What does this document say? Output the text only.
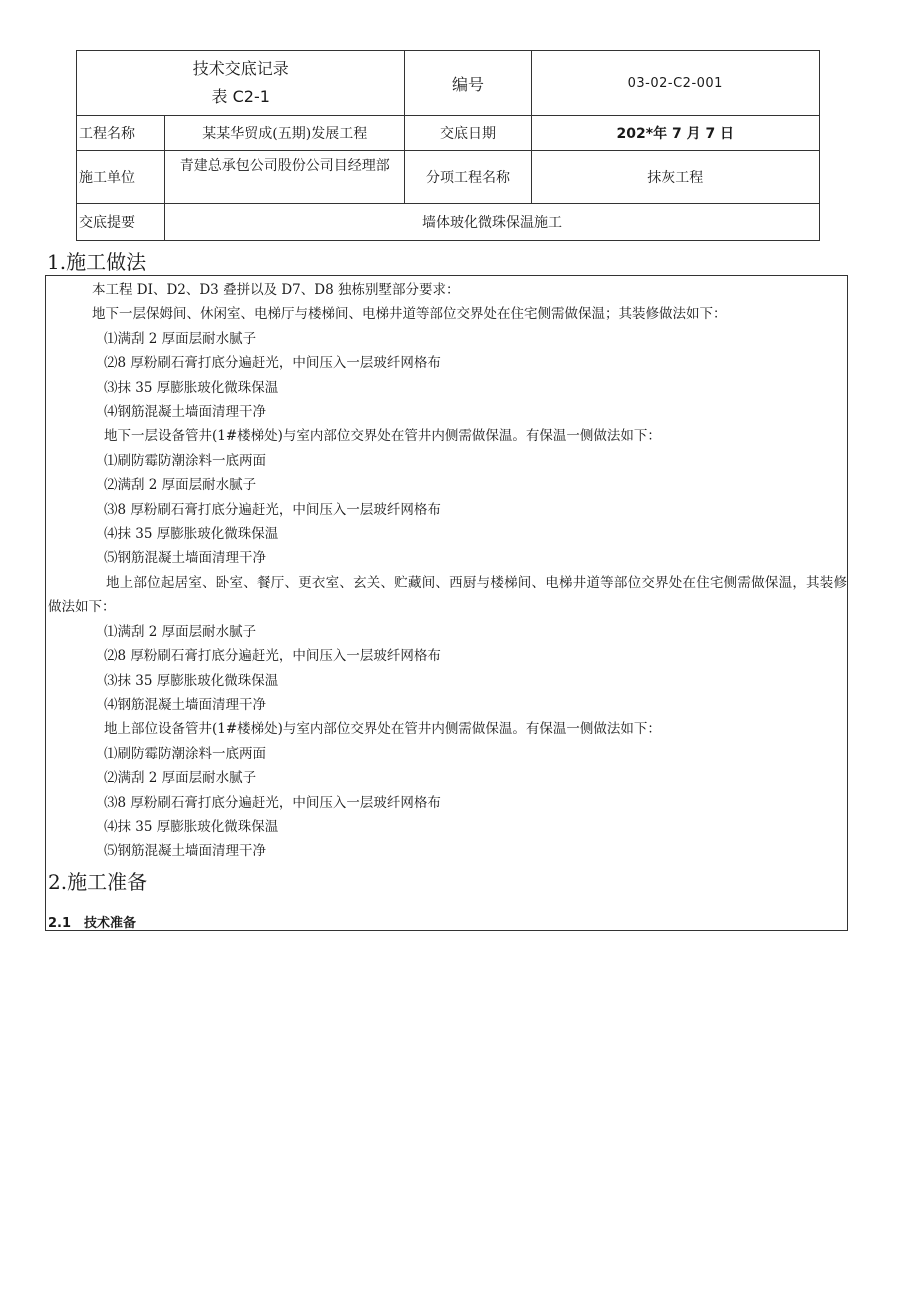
技术交底记录
表 C2-1		编号	03-02-C2-001
工程名称	某某华贸成(五期)发展工程	交底日期	202*年 7 月 7 日
施工单位	青建总承包公司股份公司目经理部	分项工程名称	抹灰工程
交底提要	墙体玻化微珠保温施工		
1.施工做法

本工程 DI、D2、D3 叠拼以及 D7、D8 独栋别墅部分要求：

地下一层保姆间、休闲室、电梯厅与楼梯间、电梯井道等部位交界处在住宅侧需做保温；其装修做法如下：

⑴满刮 2 厚面层耐水腻子

⑵8 厚粉刷石膏打底分遍赶光，中间压入一层玻纤网格布

⑶抹 35 厚膨胀玻化微珠保温

⑷钢筋混凝土墙面清理干净

地下一层设备管井(1#楼梯处)与室内部位交界处在管井内侧需做保温。有保温一侧做法如下：

⑴刷防霉防潮涂料一底两面

⑵满刮 2 厚面层耐水腻子

⑶8 厚粉刷石膏打底分遍赶光，中间压入一层玻纤网格布

⑷抹 35 厚膨胀玻化微珠保温

⑸钢筋混凝土墙面清理干净

地上部位起居室、卧室、餐厅、更衣室、玄关、贮藏间、西厨与楼梯间、电梯井道等部位交界处在住宅侧需做保温，其装修做法如下：

⑴满刮 2 厚面层耐水腻子

⑵8 厚粉刷石膏打底分遍赶光，中间压入一层玻纤网格布

⑶抹 35 厚膨胀玻化微珠保温

⑷钢筋混凝土墙面清理干净

地上部位设备管井(1#楼梯处)与室内部位交界处在管井内侧需做保温。有保温一侧做法如下：

⑴刷防霉防潮涂料一底两面

⑵满刮 2 厚面层耐水腻子

⑶8 厚粉刷石膏打底分遍赶光，中间压入一层玻纤网格布

⑷抹 35 厚膨胀玻化微珠保温

⑸钢筋混凝土墙面清理干净

2.施工准备
2.1　技术准备
